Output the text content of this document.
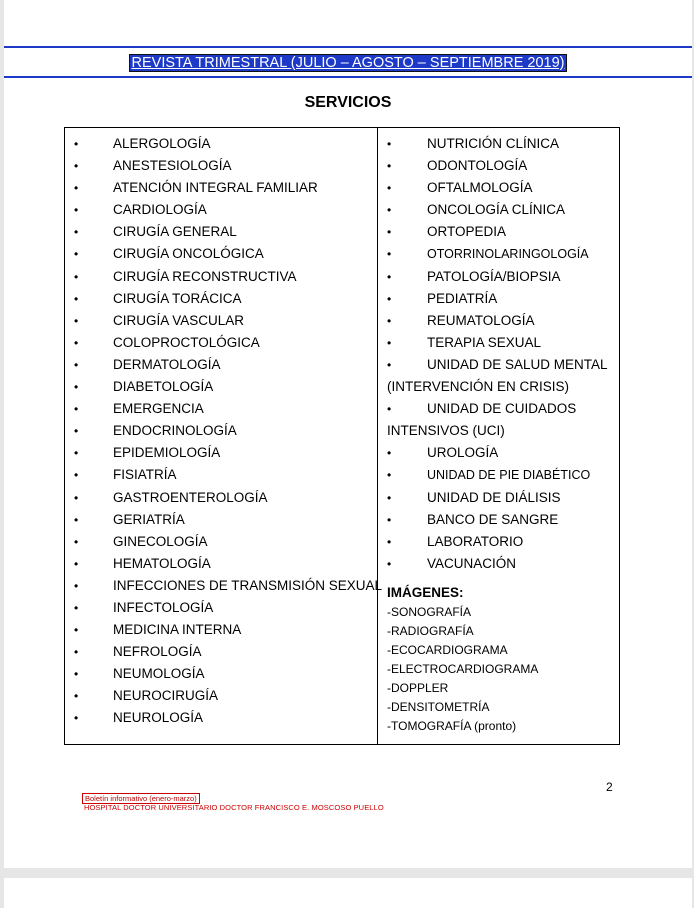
REVISTA TRIMESTRAL (JULIO – AGOSTO – SEPTIEMBRE 2019)
SERVICIOS
•	ALERGOLOGÍA
•	ANESTESIOLOGÍA
•	ATENCIÓN INTEGRAL FAMILIAR
•	CARDIOLOGÍA
•	CIRUGÍA GENERAL
•	CIRUGÍA ONCOLÓGICA
•	CIRUGÍA RECONSTRUCTIVA
•	CIRUGÍA TORÁCICA
•	CIRUGÍA VASCULAR
•	COLOPROCTOLÓGICA
•	DERMATOLOGÍA
•	DIABETOLOGÍA
•	EMERGENCIA
•	ENDOCRINOLOGÍA
•	EPIDEMIOLOGÍA
•	FISIATRÍA
•	GASTROENTEROLOGÍA
•	GERIATRÍA
•	GINECOLOGÍA
•	HEMATOLOGÍA
•	INFECCIONES DE TRANSMISIÓN SEXUAL
•	INFECTOLOGÍA
•	MEDICINA INTERNA
•	NEFROLOGÍA
•	NEUMOLOGÍA
•	NEUROCIRUGÍA
•	NEUROLOGÍA
•	NUTRICIÓN CLÍNICA
•	ODONTOLOGÍA
•	OFTALMOLOGÍA
•	ONCOLOGÍA CLÍNICA
•	ORTOPEDIA
•	OTORRINOLARINGOLOGÍA
•	PATOLOGÍA/BIOPSIA
•	PEDIATRÍA
•	REUMATOLOGÍA
•	TERAPIA SEXUAL
•	UNIDAD DE SALUD MENTAL
(INTERVENCIÓN EN CRISIS)
•	UNIDAD DE CUIDADOS
INTENSIVOS (UCI)
•	UROLOGÍA
•	UNIDAD DE PIE DIABÉTICO
•	UNIDAD DE DIÁLISIS
•	BANCO DE SANGRE
•	LABORATORIO
•	VACUNACIÓN
IMÁGENES:
-SONOGRAFÍA
-RADIOGRAFÍA
-ECOCARDIOGRAMA
-ELECTROCARDIOGRAMA
-DOPPLER
-DENSITOMETRÍA
-TOMOGRAFÍA (pronto)
2
Boletín informativo (enero-marzo)
HOSPITAL DOCTOR UNIVERSITARIO DOCTOR FRANCISCO E. MOSCOSO PUELLO
